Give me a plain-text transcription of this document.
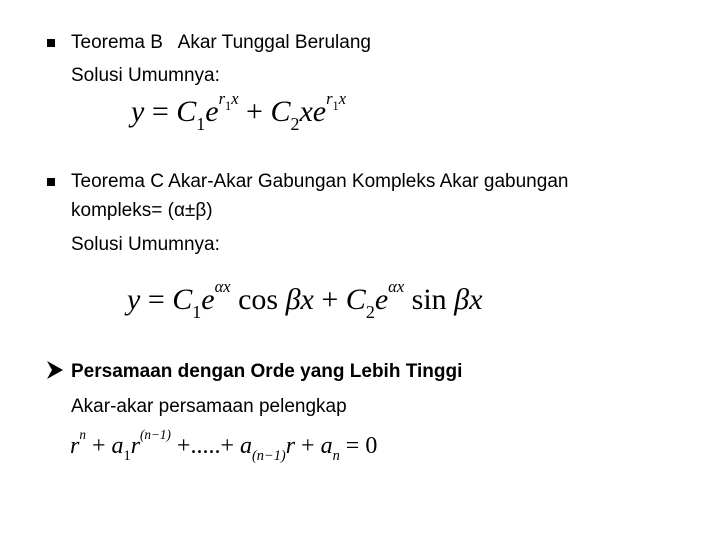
Teorema B   Akar Tunggal Berulang
Solusi Umumnya:
$y = C_1e^{r_1x} + C_2xe^{r_1x}$
Teorema C Akar-Akar Gabungan Kompleks Akar gabungan
kompleks= (α±β)
Solusi Umumnya:
$y = C_1e^{\alpha x}$ $\cos \beta x + C_2e^{\alpha x}$ sin βx
Persamaan dengan Orde yang Lebih Tinggi
Akar-akar persamaan pelengkap
$r^n + a_1r^{(n-1)}$ +.....+ $a_{(n-1)}r + a_n = 0$
